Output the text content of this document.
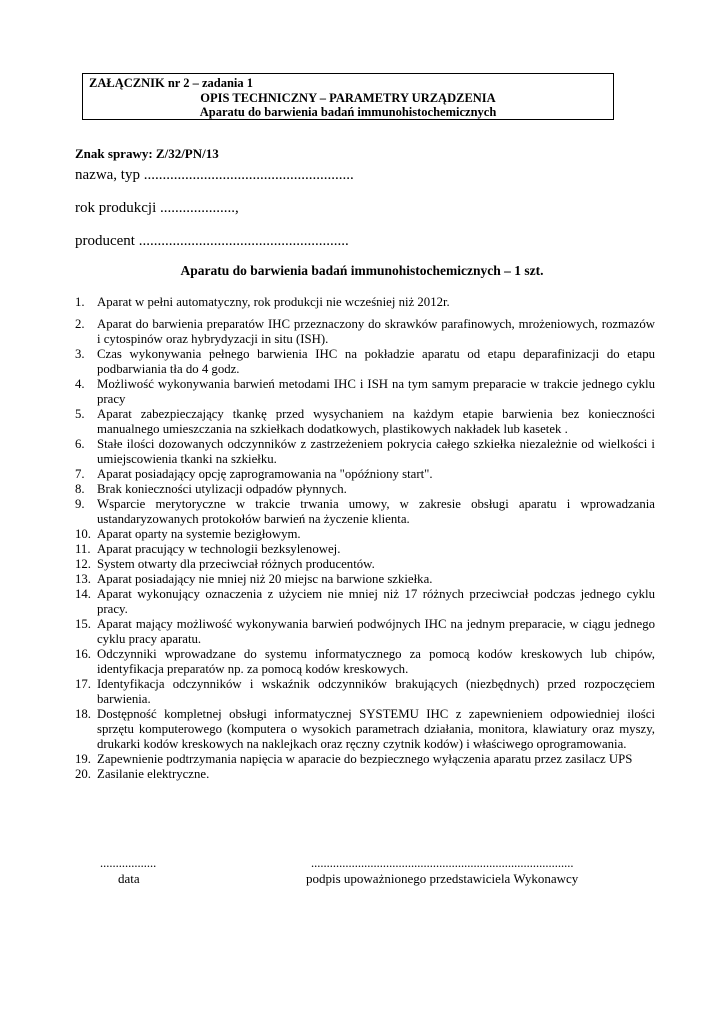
ZAŁĄCZNIK nr 2 – zadania 1
OPIS TECHNICZNY – PARAMETRY URZĄDZENIA
Aparatu do barwienia badań immunohistochemicznych
Znak sprawy: Z/32/PN/13
nazwa, typ ........................................................
rok produkcji ....................,
producent ........................................................
Aparatu do barwienia badań immunohistochemicznych – 1 szt.
1. Aparat w pełni automatyczny, rok produkcji nie wcześniej niż 2012r.
2. Aparat do barwienia preparatów IHC przeznaczony do skrawków parafinowych, mrożeniowych, rozmazów i cytospinów oraz hybrydyzacji in situ (ISH).
3. Czas wykonywania pełnego barwienia IHC na pokładzie aparatu od etapu deparafinizacji do etapu podbarwiania tła do 4 godz.
4. Możliwość wykonywania barwień metodami IHC i ISH na tym samym preparacie w trakcie jednego cyklu pracy
5. Aparat zabezpieczający tkankę przed wysychaniem na każdym etapie barwienia bez konieczności manualnego umieszczania na szkiełkach dodatkowych, plastikowych nakładek lub kasetek .
6. Stałe ilości dozowanych odczynników z zastrzeżeniem pokrycia całego szkiełka niezależnie od wielkości i umiejscowienia tkanki na szkiełku.
7. Aparat posiadający opcję zaprogramowania na "opóźniony start".
8. Brak konieczności utylizacji odpadów płynnych.
9. Wsparcie merytoryczne w trakcie trwania umowy, w zakresie obsługi aparatu i wprowadzania ustandaryzowanych protokołów barwień na życzenie klienta.
10. Aparat oparty na systemie bezigłowym.
11. Aparat pracujący w technologii bezksylenowej.
12. System otwarty dla przeciwciał różnych producentów.
13. Aparat posiadający nie mniej niż 20 miejsc na barwione szkiełka.
14. Aparat wykonujący oznaczenia z użyciem nie mniej niż 17 różnych przeciwciał podczas jednego cyklu pracy.
15. Aparat mający możliwość wykonywania barwień podwójnych IHC na jednym preparacie, w ciągu jednego cyklu pracy aparatu.
16. Odczynniki wprowadzane do systemu informatycznego za pomocą kodów kreskowych lub chipów, identyfikacja preparatów np. za pomocą kodów kreskowych.
17. Identyfikacja odczynników i wskaźnik odczynników brakujących (niezbędnych) przed rozpoczęciem barwienia.
18. Dostępność kompletnej obsługi informatycznej SYSTEMU IHC z zapewnieniem odpowiedniej ilości sprzętu komputerowego (komputera o wysokich parametrach działania, monitora, klawiatury oraz myszy, drukarki kodów kreskowych na naklejkach oraz ręczny czytnik kodów) i właściwego oprogramowania.
19. Zapewnienie podtrzymania napięcia w aparacie do bezpiecznego wyłączenia aparatu przez zasilacz UPS
20. Zasilanie elektryczne.
..................	....................................................................................
data	podpis upoważnionego przedstawiciela Wykonawcy
